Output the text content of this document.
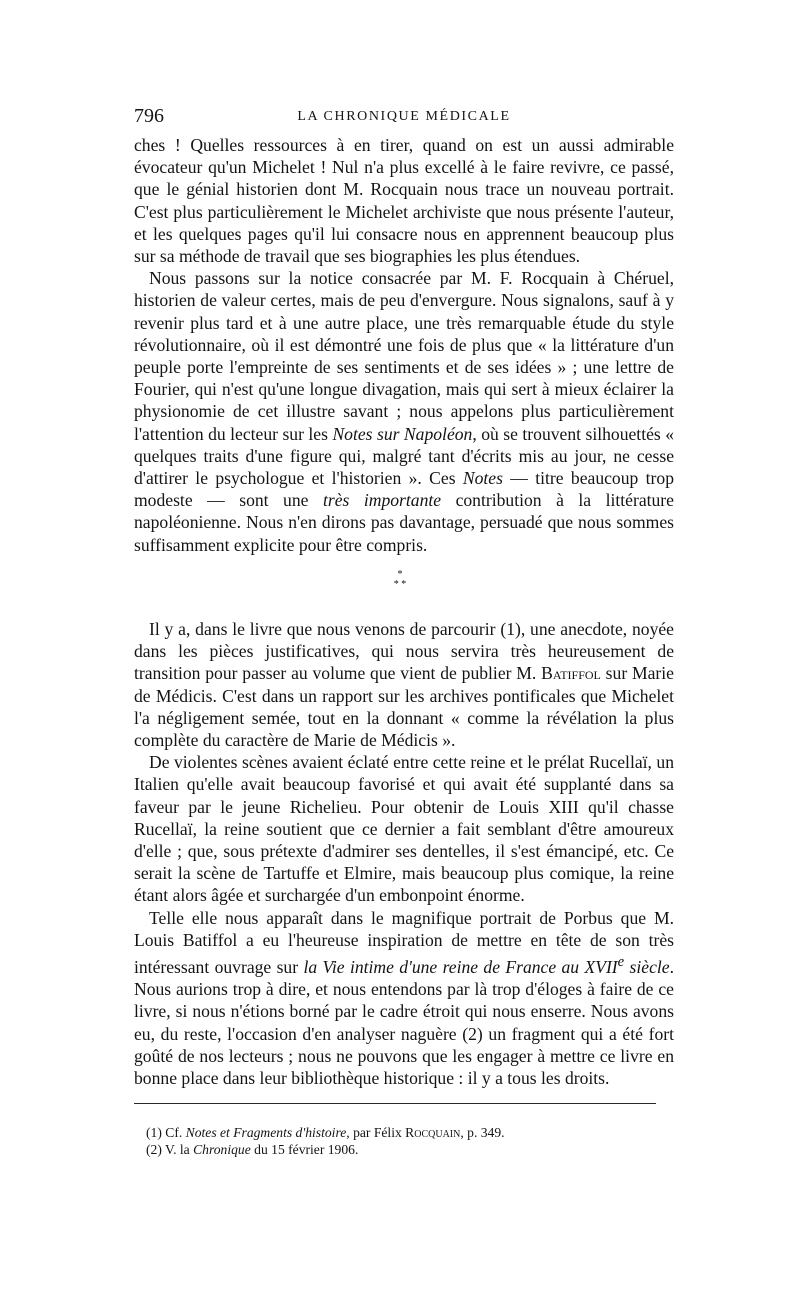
796	LA CHRONIQUE MÉDICALE

ches ! Quelles ressources à en tirer, quand on est un aussi admirable évocateur qu'un Michelet ! Nul n'a plus excellé à le faire revivre, ce passé, que le génial historien dont M. Rocquain nous trace un nouveau portrait. C'est plus particulièrement le Michelet archiviste que nous présente l'auteur, et les quelques pages qu'il lui consacre nous en apprennent beaucoup plus sur sa méthode de travail que ses biographies les plus étendues.

Nous passons sur la notice consacrée par M. F. Rocquain à Chéruel, historien de valeur certes, mais de peu d'envergure. Nous signalons, sauf à y revenir plus tard et à une autre place, une très remarquable étude du style révolutionnaire, où il est démontré une fois de plus que « la littérature d'un peuple porte l'empreinte de ses sentiments et de ses idées » ; une lettre de Fourier, qui n'est qu'une longue divagation, mais qui sert à mieux éclairer la physionomie de cet illustre savant ; nous appelons plus particulièrement l'attention du lecteur sur les Notes sur Napoléon, où se trouvent silhouettés « quelques traits d'une figure qui, malgré tant d'écrits mis au jour, ne cesse d'attirer le psychologue et l'historien ». Ces Notes — titre beaucoup trop modeste — sont une très importante contribution à la littérature napoléonienne. Nous n'en dirons pas davantage, persuadé que nous sommes suffisamment explicite pour être compris.

*
* *

Il y a, dans le livre que nous venons de parcourir (1), une anecdote, noyée dans les pièces justificatives, qui nous servira très heureusement de transition pour passer au volume que vient de publier M. Batiffol sur Marie de Médicis. C'est dans un rapport sur les archives pontificales que Michelet l'a négligement semée, tout en la donnant « comme la révélation la plus complète du caractère de Marie de Médicis ».

De violentes scènes avaient éclaté entre cette reine et le prélat Rucellaï, un Italien qu'elle avait beaucoup favorisé et qui avait été supplanté dans sa faveur par le jeune Richelieu. Pour obtenir de Louis XIII qu'il chasse Rucellaï, la reine soutient que ce dernier a fait semblant d'être amoureux d'elle ; que, sous prétexte d'admirer ses dentelles, il s'est émancipé, etc. Ce serait la scène de Tartuffe et Elmire, mais beaucoup plus comique, la reine étant alors âgée et surchargée d'un embonpoint énorme.

Telle elle nous apparaît dans le magnifique portrait de Porbus que M. Louis Batiffol a eu l'heureuse inspiration de mettre en tête de son très intéressant ouvrage sur la Vie intime d'une reine de France au XVIIe siècle. Nous aurions trop à dire, et nous entendons par là trop d'éloges à faire de ce livre, si nous n'étions borné par le cadre étroit qui nous enserre. Nous avons eu, du reste, l'occasion d'en analyser naguère (2) un fragment qui a été fort goûté de nos lecteurs ; nous ne pouvons que les engager à mettre ce livre en bonne place dans leur bibliothèque historique : il y a tous les droits.

(1) Cf. Notes et Fragments d'histoire, par Félix Rocquain, p. 349.
(2) V. la Chronique du 15 février 1906.
